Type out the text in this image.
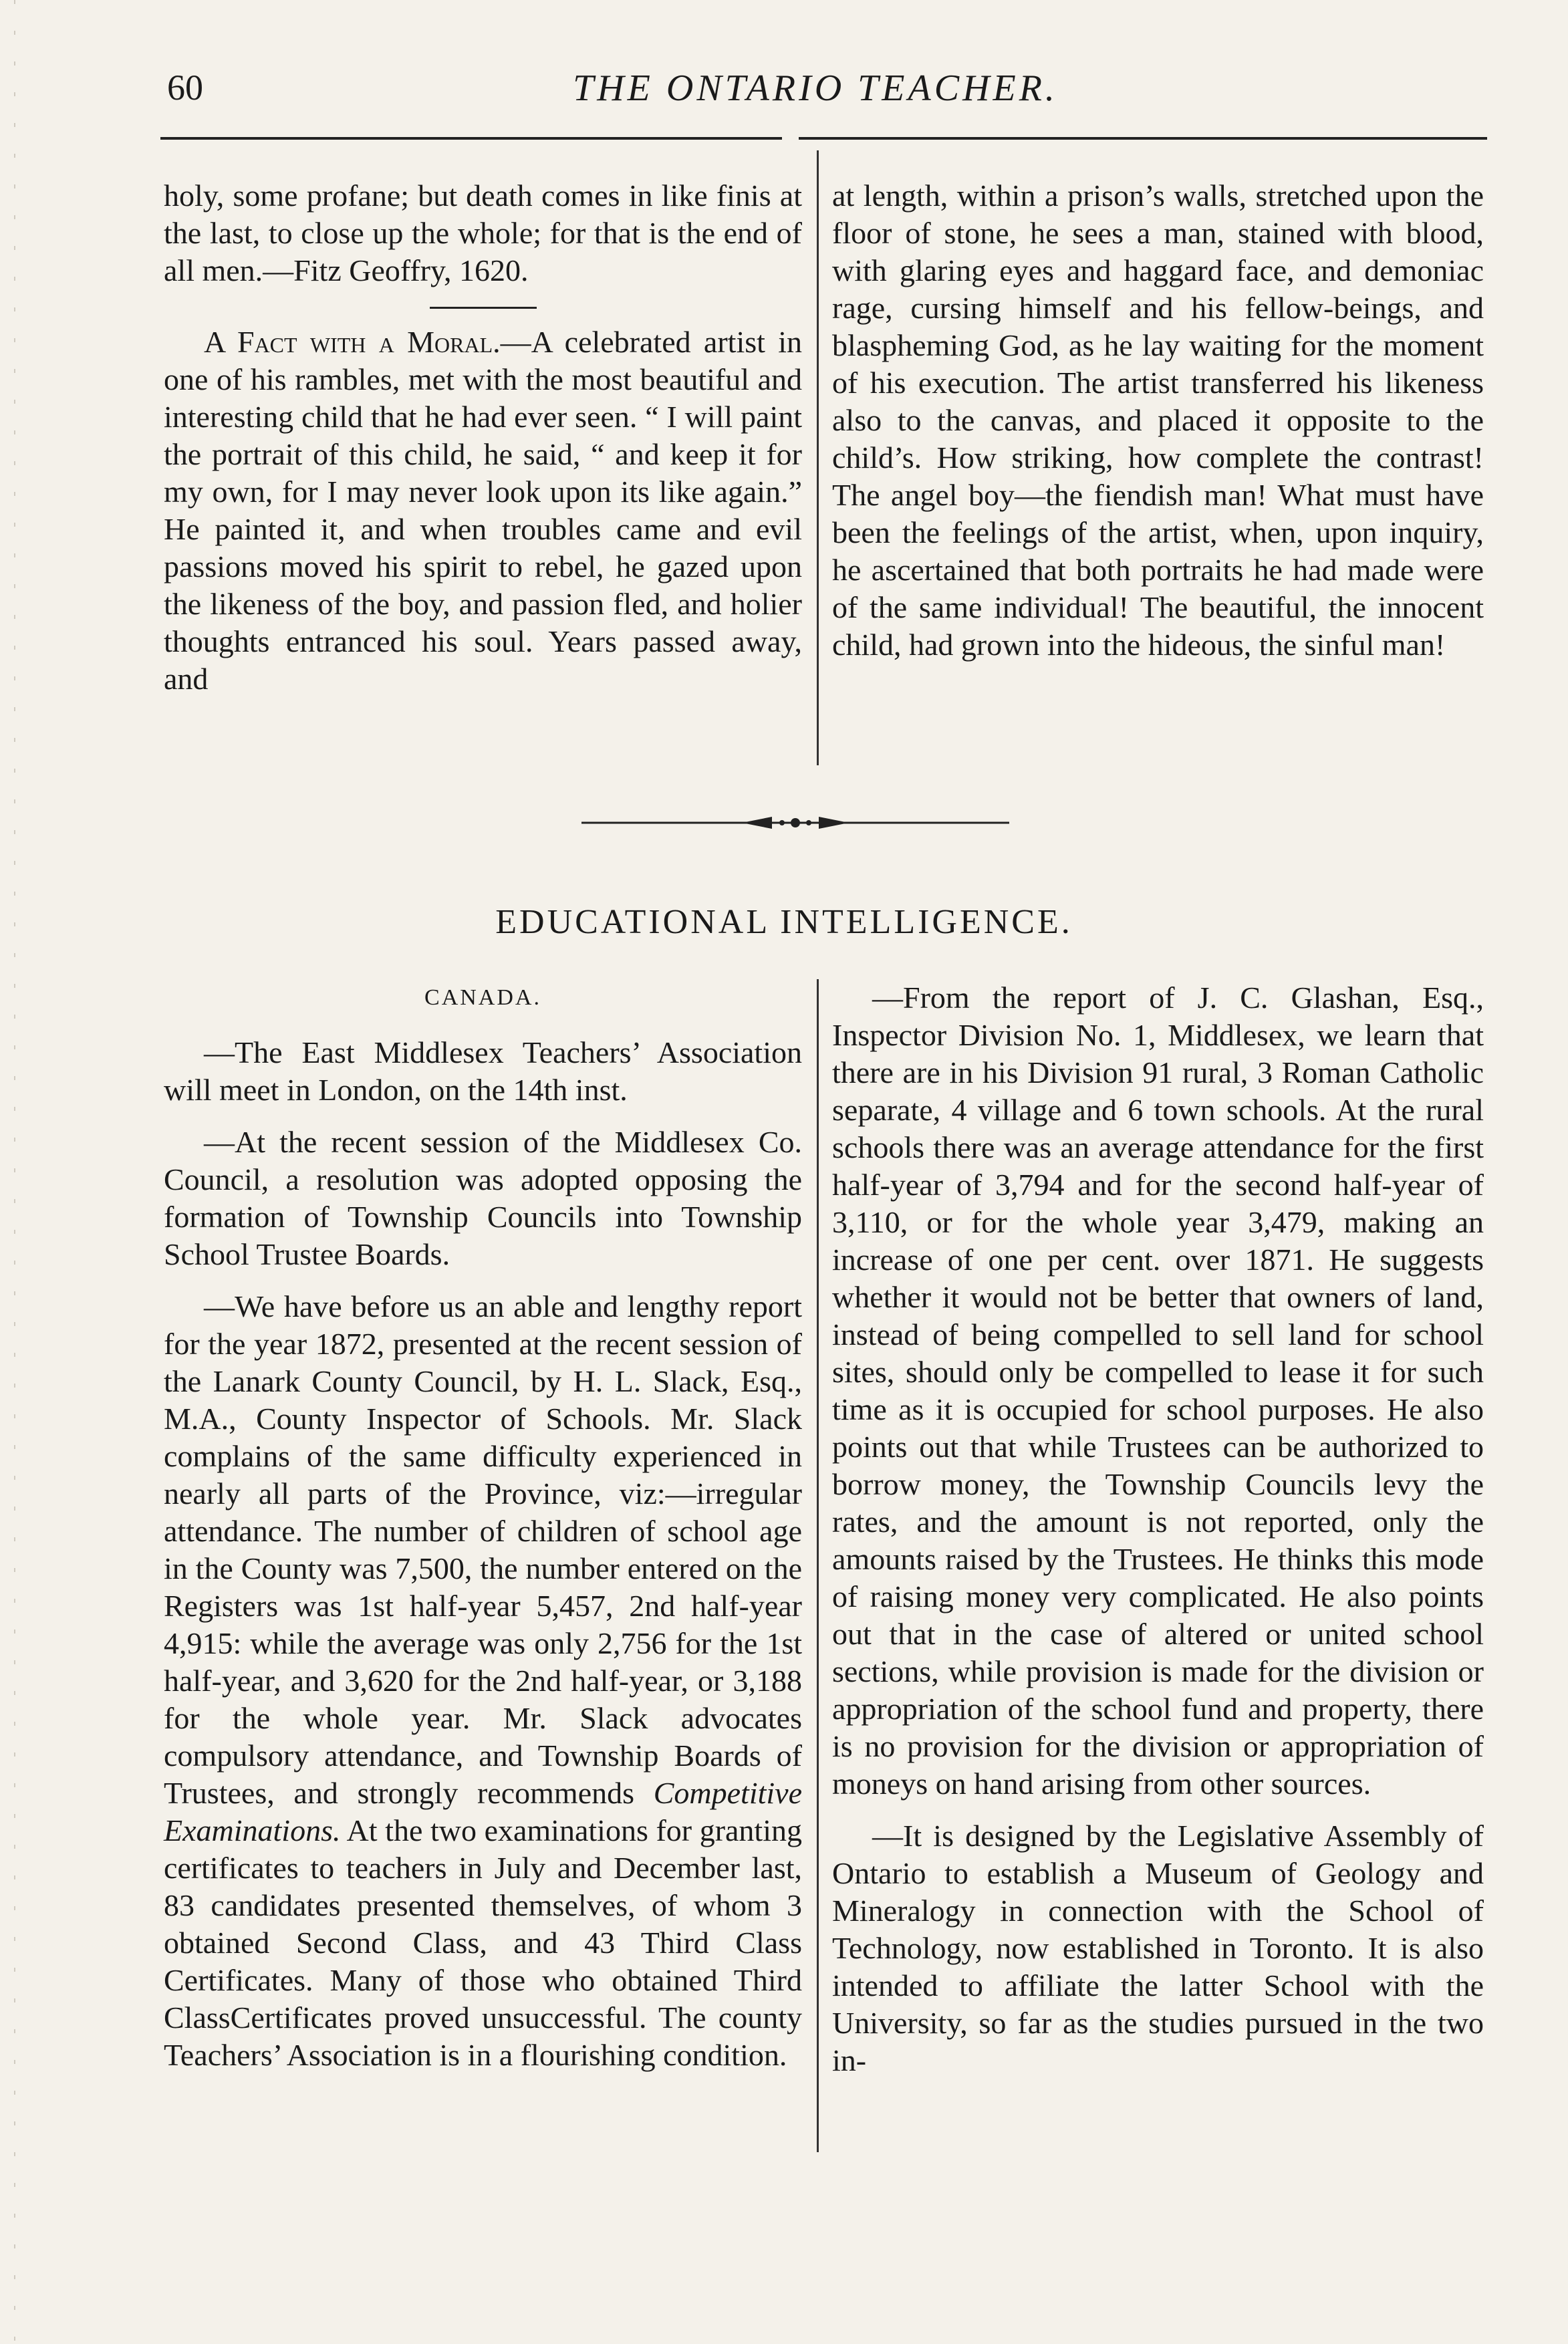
60	THE ONTARIO TEACHER.

holy, some profane; but death comes in like finis at the last, to close up the whole; for that is the end of all men.—Fitz Geoffry, 1620.

A Fact with a Moral.—A celebrated artist in one of his rambles, met with the most beautiful and interesting child that he had ever seen. “ I will paint the portrait of this child, he said, “ and keep it for my own, for I may never look upon its like again.” He painted it, and when troubles came and evil passions moved his spirit to rebel, he gazed upon the likeness of the boy, and passion fled, and holier thoughts entranced his soul. Years passed away, and

at length, within a prison’s walls, stretched upon the floor of stone, he sees a man, stained with blood, with glaring eyes and haggard face, and demoniac rage, cursing himself and his fellow-beings, and blaspheming God, as he lay waiting for the moment of his execution. The artist transferred his likeness also to the canvas, and placed it opposite to the child’s. How striking, how complete the contrast! The angel boy—the fiendish man! What must have been the feelings of the artist, when, upon inquiry, he ascertained that both portraits he had made were of the same individual! The beautiful, the innocent child, had grown into the hideous, the sinful man!

EDUCATIONAL INTELLIGENCE.
CANADA.

—The East Middlesex Teachers’ Association will meet in London, on the 14th inst.

—At the recent session of the Middlesex Co. Council, a resolution was adopted opposing the formation of Township Councils into Township School Trustee Boards.

—We have before us an able and lengthy report for the year 1872, presented at the recent session of the Lanark County Council, by H. L. Slack, Esq., M.A., County Inspector of Schools. Mr. Slack complains of the same difficulty experienced in nearly all parts of the Province, viz:—irregular attendance. The number of children of school age in the County was 7,500, the number entered on the Registers was 1st half-year 5,457, 2nd half-year 4,915: while the average was only 2,756 for the 1st half-year, and 3,620 for the 2nd half-year, or 3,188 for the whole year. Mr. Slack advocates compulsory attendance, and Township Boards of Trustees, and strongly recommends Competitive Examinations. At the two examinations for granting certificates to teachers in July and December last, 83 candidates presented themselves, of whom 3 obtained Second Class, and 43 Third Class Certificates. Many of those who obtained Third ClassCertificates proved unsuccessful. The county Teachers’ Association is in a flourishing condition.

—From the report of J. C. Glashan, Esq., Inspector Division No. 1, Middlesex, we learn that there are in his Division 91 rural, 3 Roman Catholic separate, 4 village and 6 town schools. At the rural schools there was an average attendance for the first half-year of 3,794 and for the second half-year of 3,110, or for the whole year 3,479, making an increase of one per cent. over 1871. He suggests whether it would not be better that owners of land, instead of being compelled to sell land for school sites, should only be compelled to lease it for such time as it is occupied for school purposes. He also points out that while Trustees can be authorized to borrow money, the Township Councils levy the rates, and the amount is not reported, only the amounts raised by the Trustees. He thinks this mode of raising money very complicated. He also points out that in the case of altered or united school sections, while provision is made for the division or appropriation of the school fund and property, there is no provision for the division or appropriation of moneys on hand arising from other sources.

—It is designed by the Legislative Assembly of Ontario to establish a Museum of Geology and Mineralogy in connection with the School of Technology, now established in Toronto. It is also intended to affiliate the latter School with the University, so far as the studies pursued in the two in-
